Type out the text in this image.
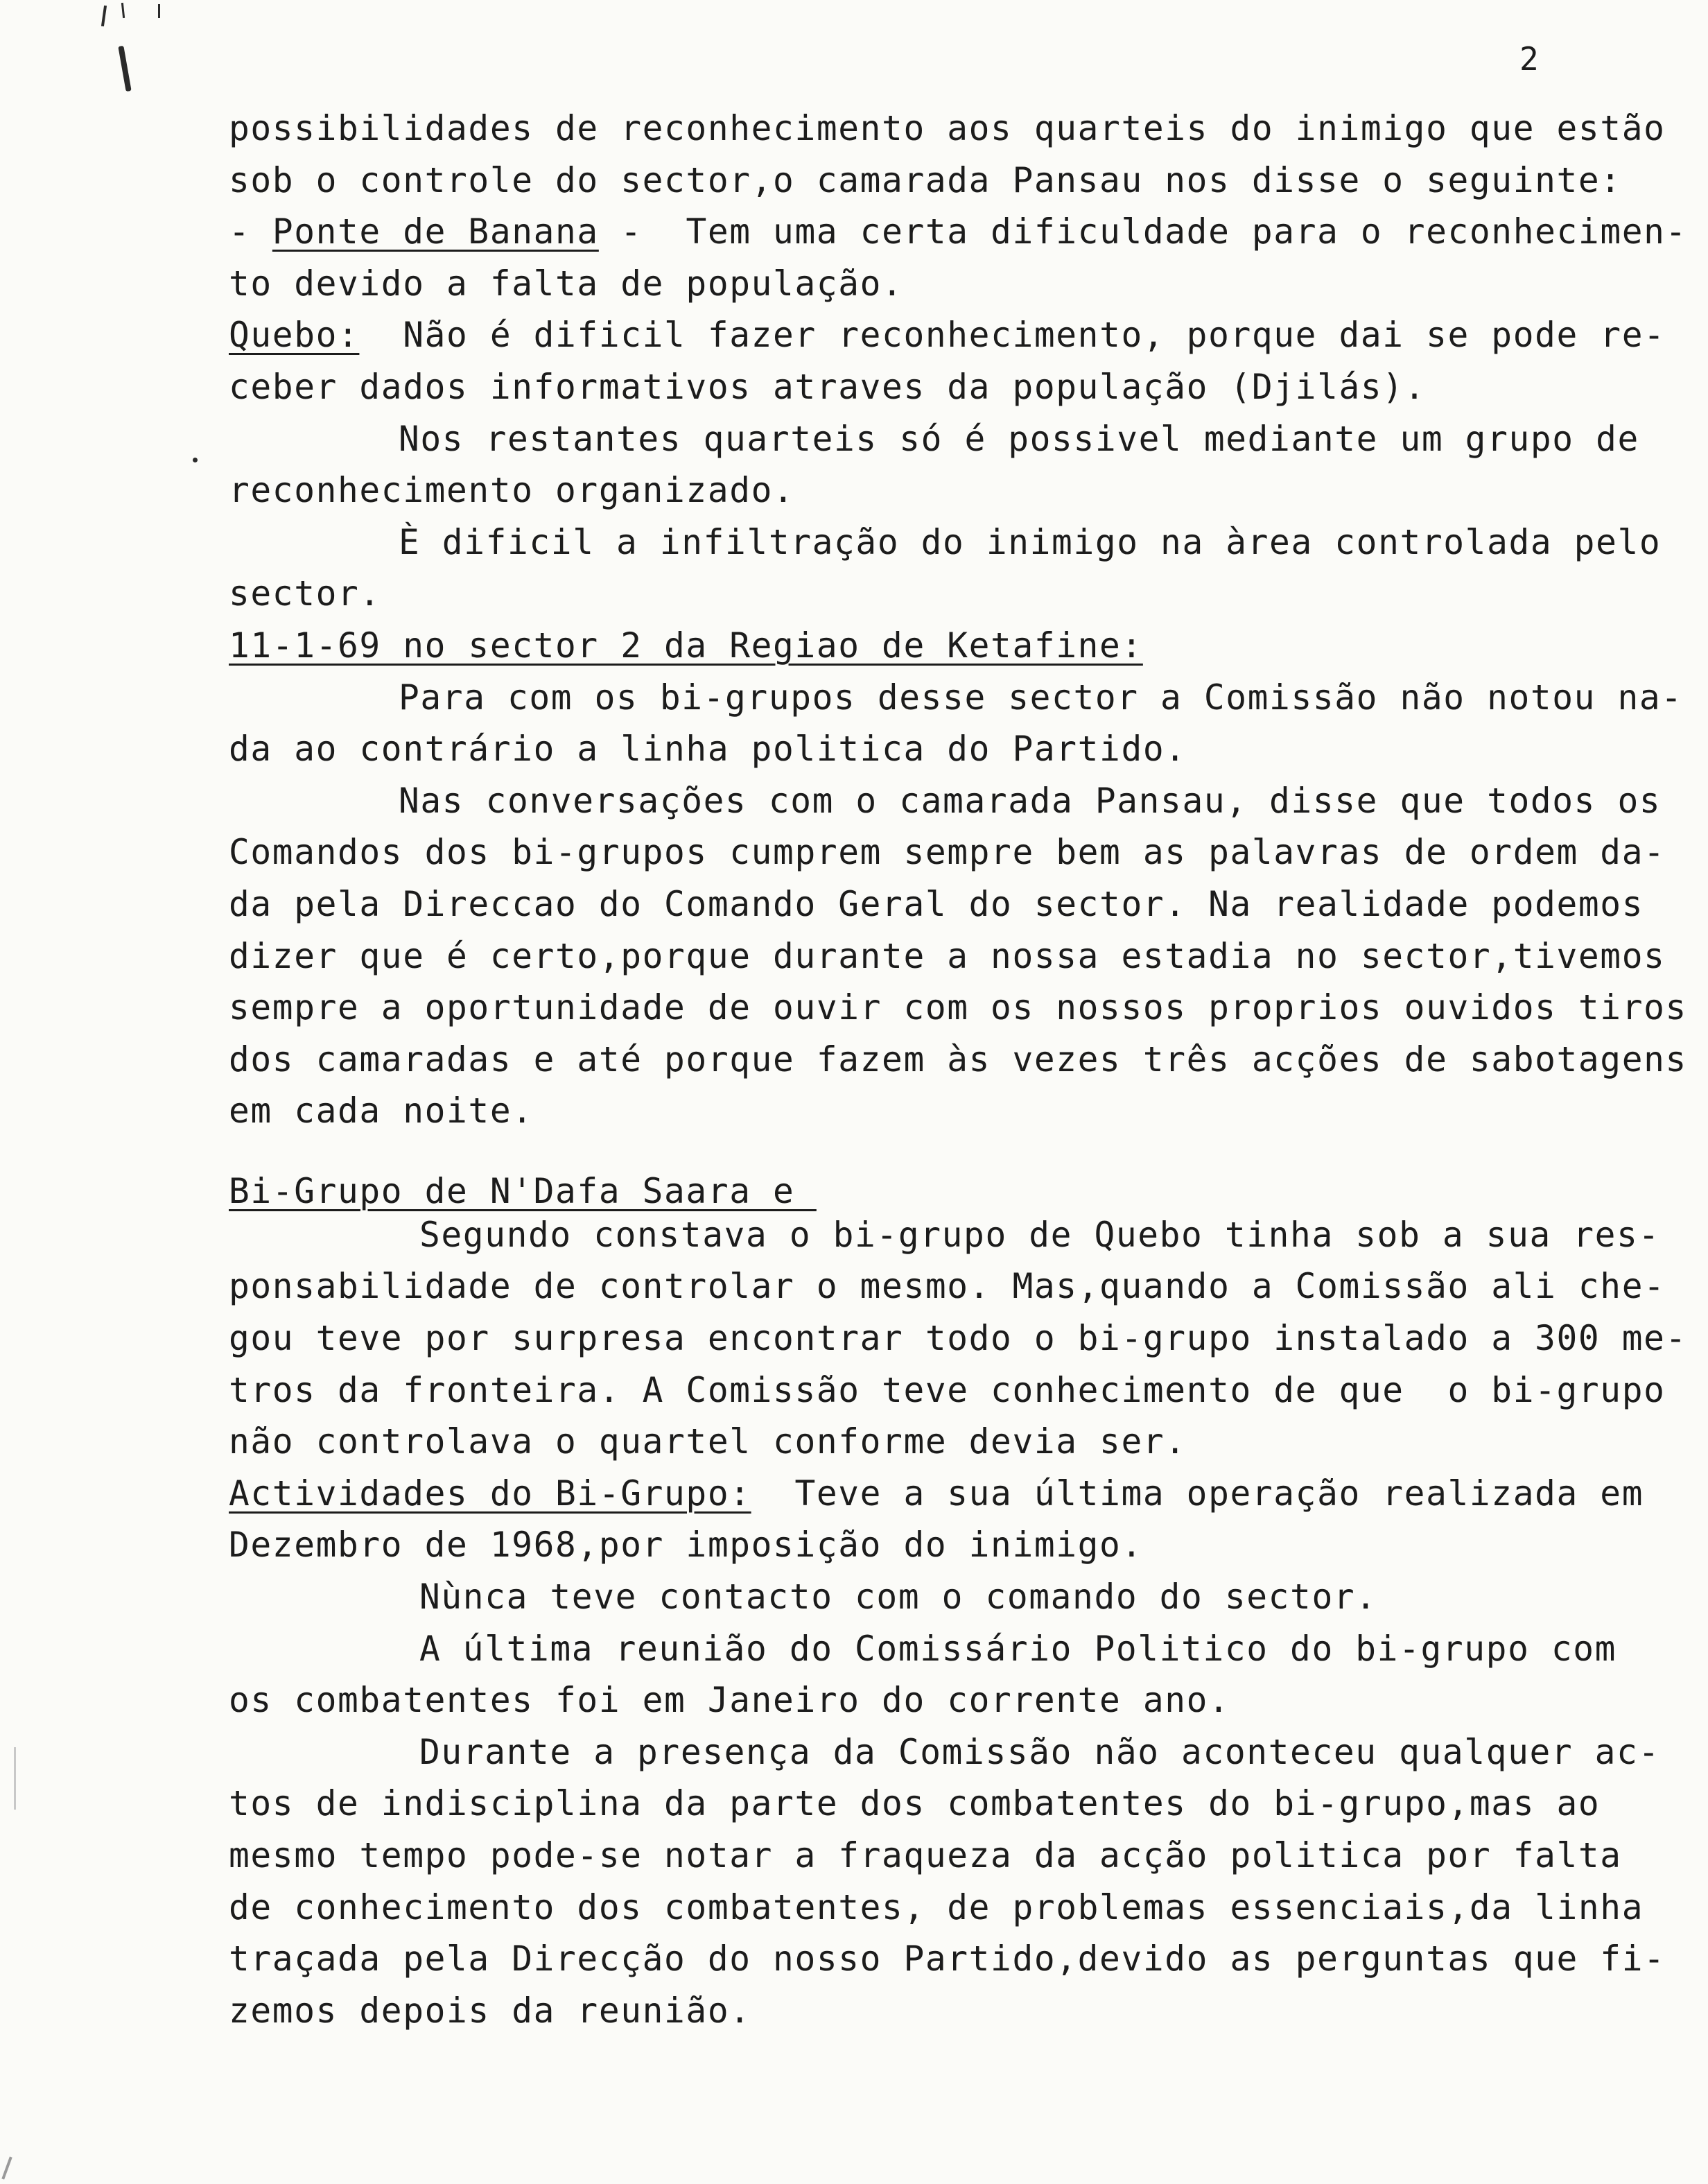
2
possibilidades de reconhecimento aos quarteis do inimigo que estão
sob o controle do sector,o camarada Pansau nos disse o seguinte:
- Ponte de Banana -  Tem uma certa dificuldade para o reconhecimen-
to devido a falta de população.
Quebo:  Não é dificil fazer reconhecimento, porque dai se pode re-
ceber dados informativos atraves da população (Djilás).
Nos restantes quarteis só é possivel mediante um grupo de
reconhecimento organizado.
È dificil a infiltração do inimigo na àrea controlada pelo
sector.
11-1-69 no sector 2 da Regiao de Ketafine:
Para com os bi-grupos desse sector a Comissão não notou na-
da ao contrário a linha politica do Partido.
Nas conversações com o camarada Pansau, disse que todos os
Comandos dos bi-grupos cumprem sempre bem as palavras de ordem da-
da pela Direccao do Comando Geral do sector. Na realidade podemos
dizer que é certo,porque durante a nossa estadia no sector,tivemos
sempre a oportunidade de ouvir com os nossos proprios ouvidos tiros
dos camaradas e até porque fazem às vezes três acções de sabotagens
em cada noite.
Bi-Grupo de N'Dafa Saara e
Segundo constava o bi-grupo de Quebo tinha sob a sua res-
ponsabilidade de controlar o mesmo. Mas,quando a Comissão ali che-
gou teve por surpresa encontrar todo o bi-grupo instalado a 300 me-
tros da fronteira. A Comissão teve conhecimento de que  o bi-grupo
não controlava o quartel conforme devia ser.
Actividades do Bi-Grupo:  Teve a sua última operação realizada em
Dezembro de 1968,por imposição do inimigo.
Nùnca teve contacto com o comando do sector.
A última reunião do Comissário Politico do bi-grupo com
os combatentes foi em Janeiro do corrente ano.
Durante a presença da Comissão não aconteceu qualquer ac-
tos de indisciplina da parte dos combatentes do bi-grupo,mas ao
mesmo tempo pode-se notar a fraqueza da acção politica por falta
de conhecimento dos combatentes, de problemas essenciais,da linha
traçada pela Direcção do nosso Partido,devido as perguntas que fi-
zemos depois da reunião.
